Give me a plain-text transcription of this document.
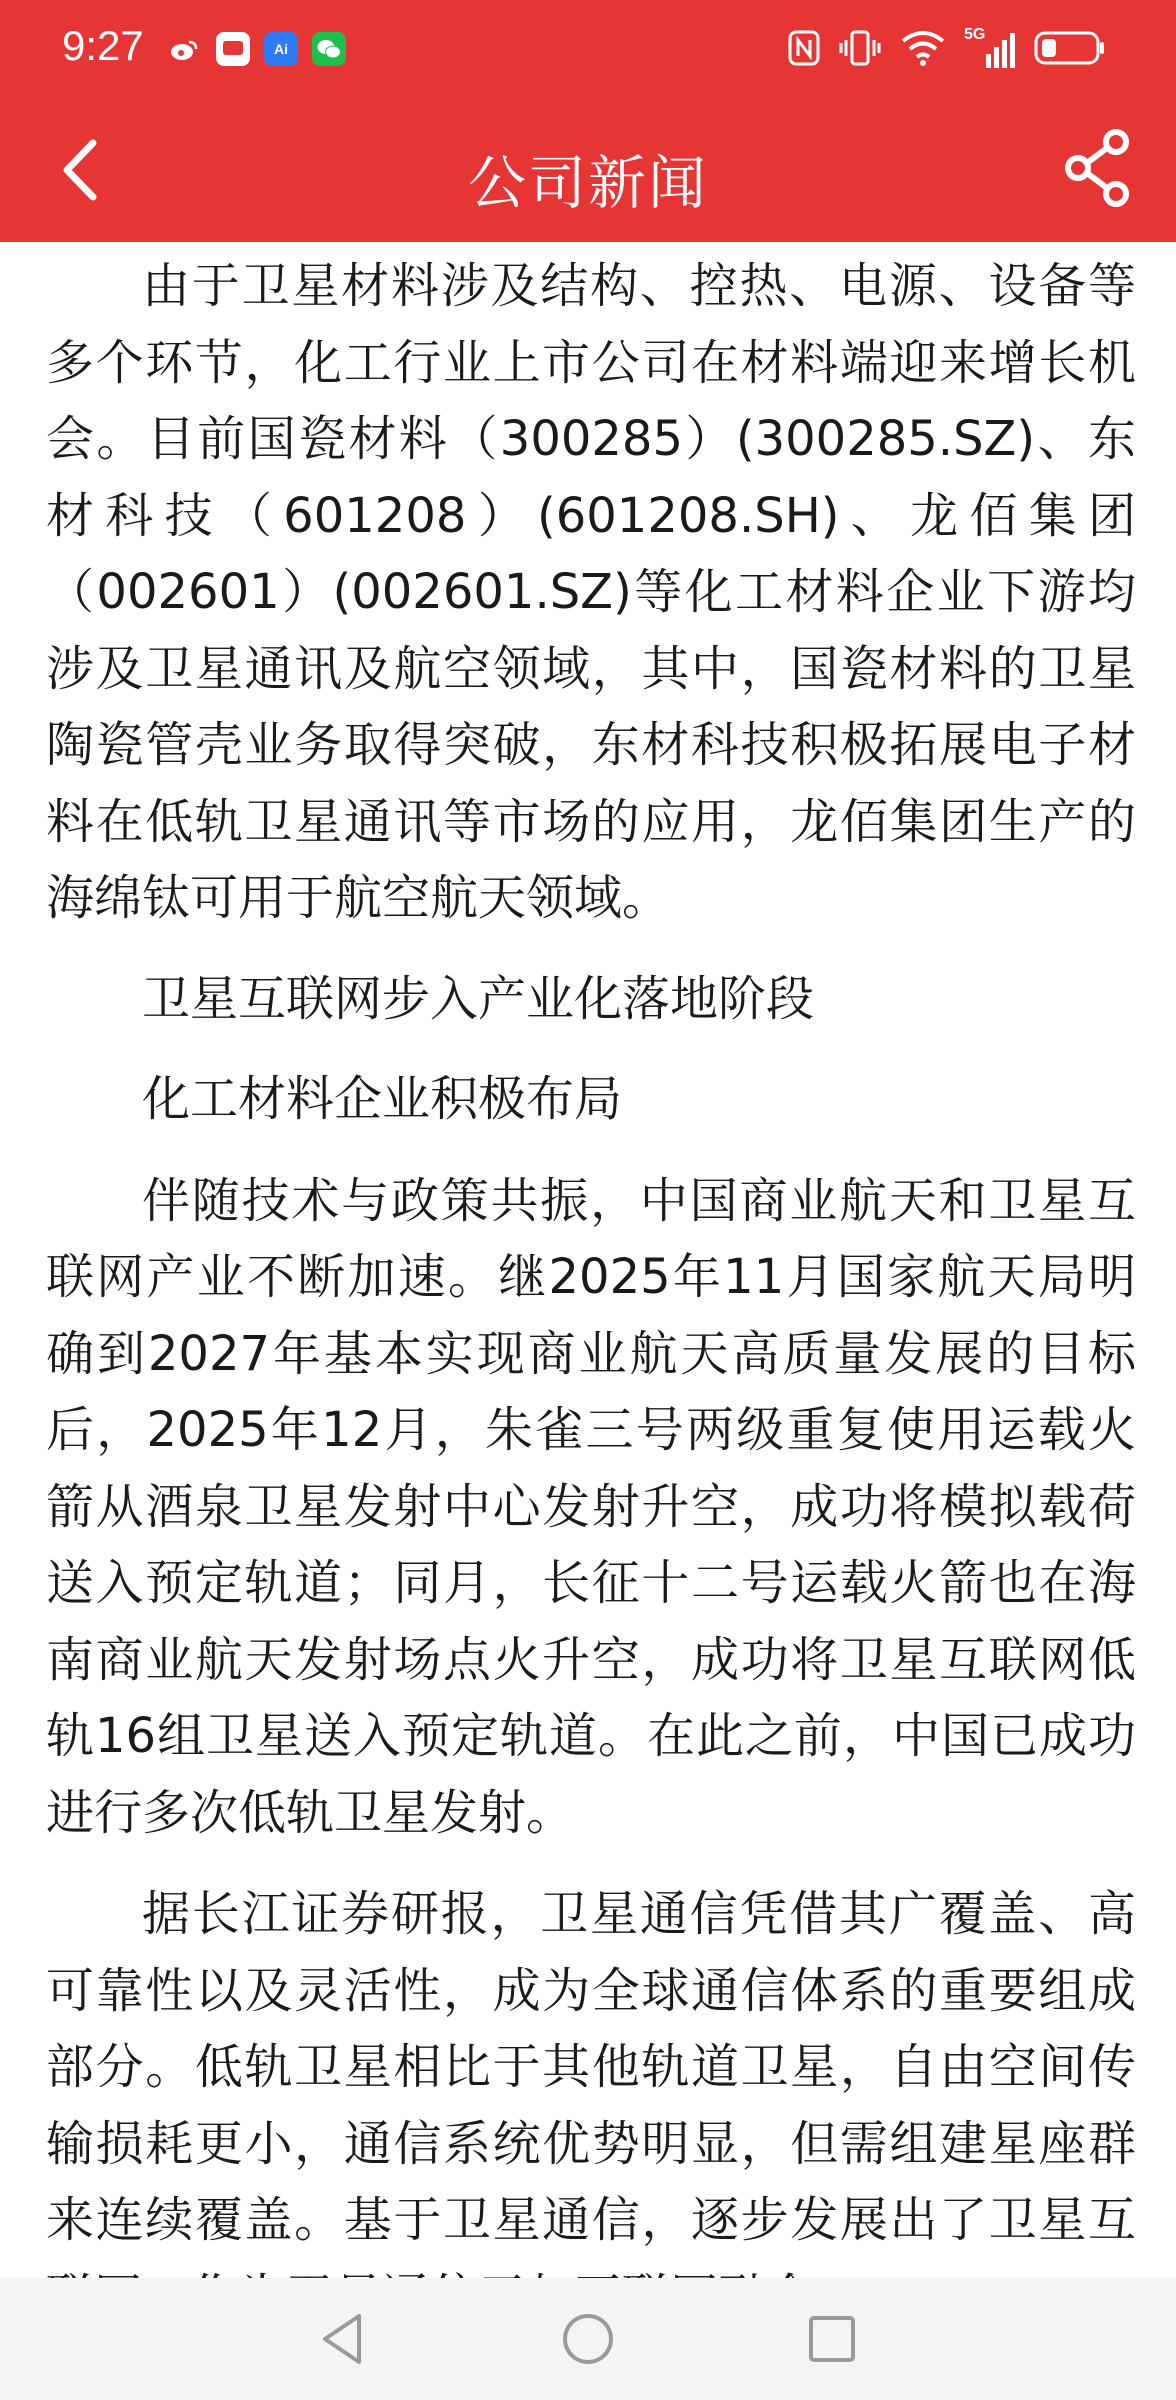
9:27	Ai
5G
公司新闻

由于卫星材料涉及结构、控热、电源、设备等多个环节，化工行业上市公司在材料端迎来增长机会。目前国瓷材料（300285）(300285.SZ)、东材科技（601208）(601208.SH)、龙佰集团（002601）(002601.SZ)等化工材料企业下游均涉及卫星通讯及航空领域，其中，国瓷材料的卫星陶瓷管壳业务取得突破，东材科技积极拓展电子材料在低轨卫星通讯等市场的应用，龙佰集团生产的海绵钛可用于航空航天领域。

卫星互联网步入产业化落地阶段

化工材料企业积极布局

伴随技术与政策共振，中国商业航天和卫星互联网产业不断加速。继2025年11月国家航天局明确到2027年基本实现商业航天高质量发展的目标后，2025年12月，朱雀三号两级重复使用运载火箭从酒泉卫星发射中心发射升空，成功将模拟载荷送入预定轨道；同月，长征十二号运载火箭也在海南商业航天发射场点火升空，成功将卫星互联网低轨16组卫星送入预定轨道。在此之前，中国已成功进行多次低轨卫星发射。

据长江证券研报，卫星通信凭借其广覆盖、高可靠性以及灵活性，成为全球通信体系的重要组成部分。低轨卫星相比于其他轨道卫星，自由空间传输损耗更小，通信系统优势明显，但需组建星座群来连续覆盖。基于卫星通信，逐步发展出了卫星互
